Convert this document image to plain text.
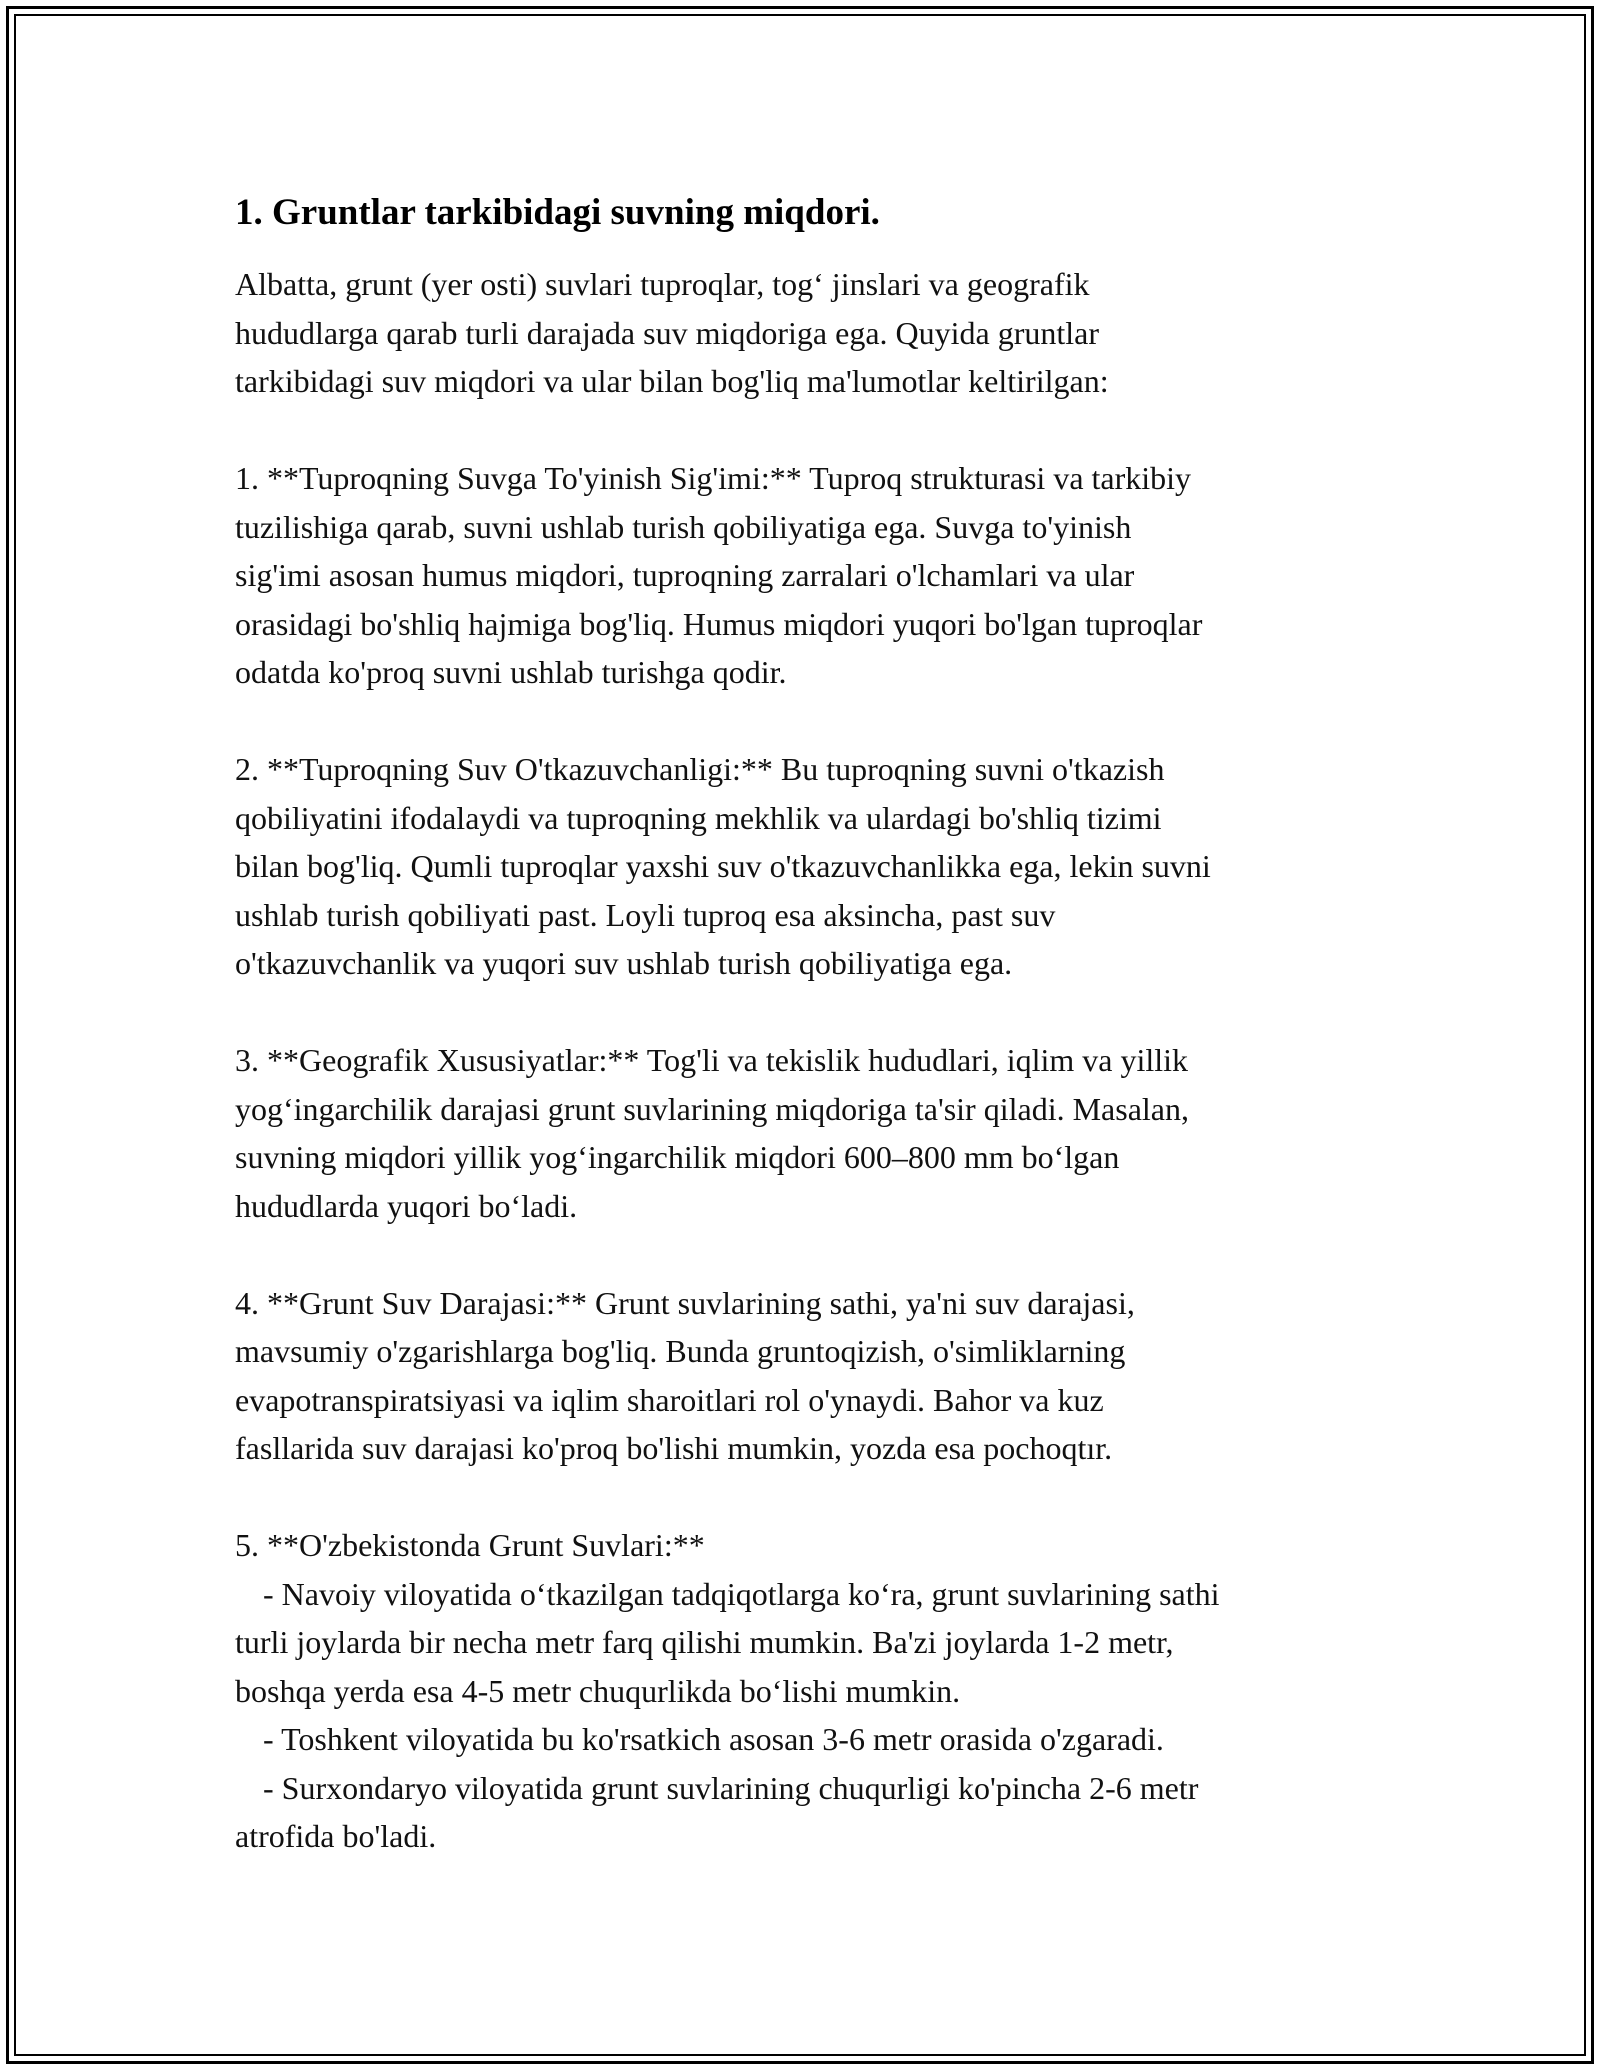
1. Gruntlar tarkibidagi suvning miqdori.

Albatta, grunt (yer osti) suvlari tuproqlar, tog‘ jinslari va geografik

hududlarga qarab turli darajada suv miqdoriga ega. Quyida gruntlar

tarkibidagi suv miqdori va ular bilan bog'liq ma'lumotlar keltirilgan:

1. **Tuproqning Suvga To'yinish Sig'imi:** Tuproq strukturasi va tarkibiy

tuzilishiga qarab, suvni ushlab turish qobiliyatiga ega. Suvga to'yinish

sig'imi asosan humus miqdori, tuproqning zarralari o'lchamlari va ular

orasidagi bo'shliq hajmiga bog'liq. Humus miqdori yuqori bo'lgan tuproqlar

odatda ko'proq suvni ushlab turishga qodir.

2. **Tuproqning Suv O'tkazuvchanligi:** Bu tuproqning suvni o'tkazish

qobiliyatini ifodalaydi va tuproqning mekhlik va ulardagi bo'shliq tizimi

bilan bog'liq. Qumli tuproqlar yaxshi suv o'tkazuvchanlikka ega, lekin suvni

ushlab turish qobiliyati past. Loyli tuproq esa aksincha, past suv

o'tkazuvchanlik va yuqori suv ushlab turish qobiliyatiga ega.

3. **Geografik Xususiyatlar:** Tog'li va tekislik hududlari, iqlim va yillik

yog‘ingarchilik darajasi grunt suvlarining miqdoriga ta'sir qiladi. Masalan,

suvning miqdori yillik yog‘ingarchilik miqdori 600–800 mm bo‘lgan

hududlarda yuqori bo‘ladi.

4. **Grunt Suv Darajasi:** Grunt suvlarining sathi, ya'ni suv darajasi,

mavsumiy o'zgarishlarga bog'liq. Bunda gruntoqizish, o'simliklarning

evapotranspiratsiyasi va iqlim sharoitlari rol o'ynaydi. Bahor va kuz

fasllarida suv darajasi ko'proq bo'lishi mumkin, yozda esa pochoqtır.

5. **O'zbekistonda Grunt Suvlari:**

- Navoiy viloyatida o‘tkazilgan tadqiqotlarga ko‘ra, grunt suvlarining sathi

turli joylarda bir necha metr farq qilishi mumkin. Ba'zi joylarda 1-2 metr,

boshqa yerda esa 4-5 metr chuqurlikda bo‘lishi mumkin.

- Toshkent viloyatida bu ko'rsatkich asosan 3-6 metr orasida o'zgaradi.

- Surxondaryo viloyatida grunt suvlarining chuqurligi ko'pincha 2-6 metr

atrofida bo'ladi.
